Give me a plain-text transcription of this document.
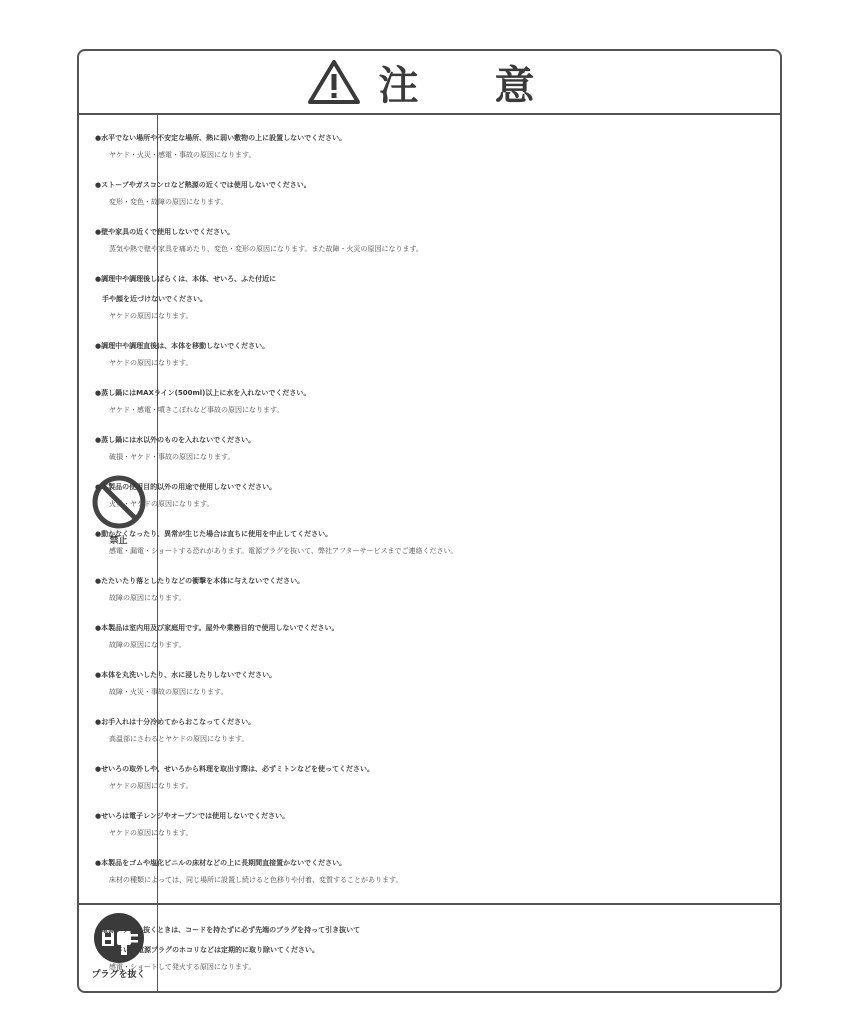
注　意
禁止
プラグを抜く
●水平でない場所や不安定な場所、熱に弱い敷物の上に設置しないでください。
ヤケド・火災・感電・事故の原因になります。
●ストーブやガスコンロなど熱源の近くでは使用しないでください。
変形・変色・故障の原因になります。
●壁や家具の近くで使用しないでください。
蒸気や熱で壁や家具を痛めたり、変色・変形の原因になります。また故障・火災の原因になります。
●調理中や調理後しばらくは、本体、せいろ、ふた付近に
　手や顔を近づけないでください。
ヤケドの原因になります。
●調理中や調理直後は、本体を移動しないでください。
ヤケドの原因になります。
●蒸し鍋にはMAXライン(500ml)以上に水を入れないでください。
ヤケド・感電・噴きこぼれなど事故の原因になります。
●蒸し鍋には水以外のものを入れないでください。
破損・ヤケド・事故の原因になります。
●本製品の使用目的以外の用途で使用しないでください。
火災・ヤケドの原因になります。
●動かなくなったり、異常が生じた場合は直ちに使用を中止してください。
感電・漏電・ショートする恐れがあります。電源プラグを抜いて、弊社アフターサービスまでご連絡ください。
●たたいたり落としたりなどの衝撃を本体に与えないでください。
故障の原因になります。
●本製品は室内用及び家庭用です。屋外や業務目的で使用しないでください。
故障の原因になります。
●本体を丸洗いしたり、水に浸したりしないでください。
故障・火災・事故の原因になります。
●お手入れは十分冷めてからおこなってください。
高温部にさわるとヤケドの原因になります。
●せいろの取外しや、せいろから料理を取出す際は、必ずミトンなどを使ってください。
ヤケドの原因になります。
●せいろは電子レンジやオーブンでは使用しないでください。
ヤケドの原因になります。
●本製品をゴムや塩化ビニルの床材などの上に長期間直接置かないでください。
床材の種類によっては、同じ場所に設置し続けると色移りや付着、変質することがあります。
●電源プラグを抜くときは、コードを持たずに必ず先端のプラグを持って引き抜いて
　ください。電源プラグのホコリなどは定期的に取り除いてください。
感電・ショートして発火する原因になります。
